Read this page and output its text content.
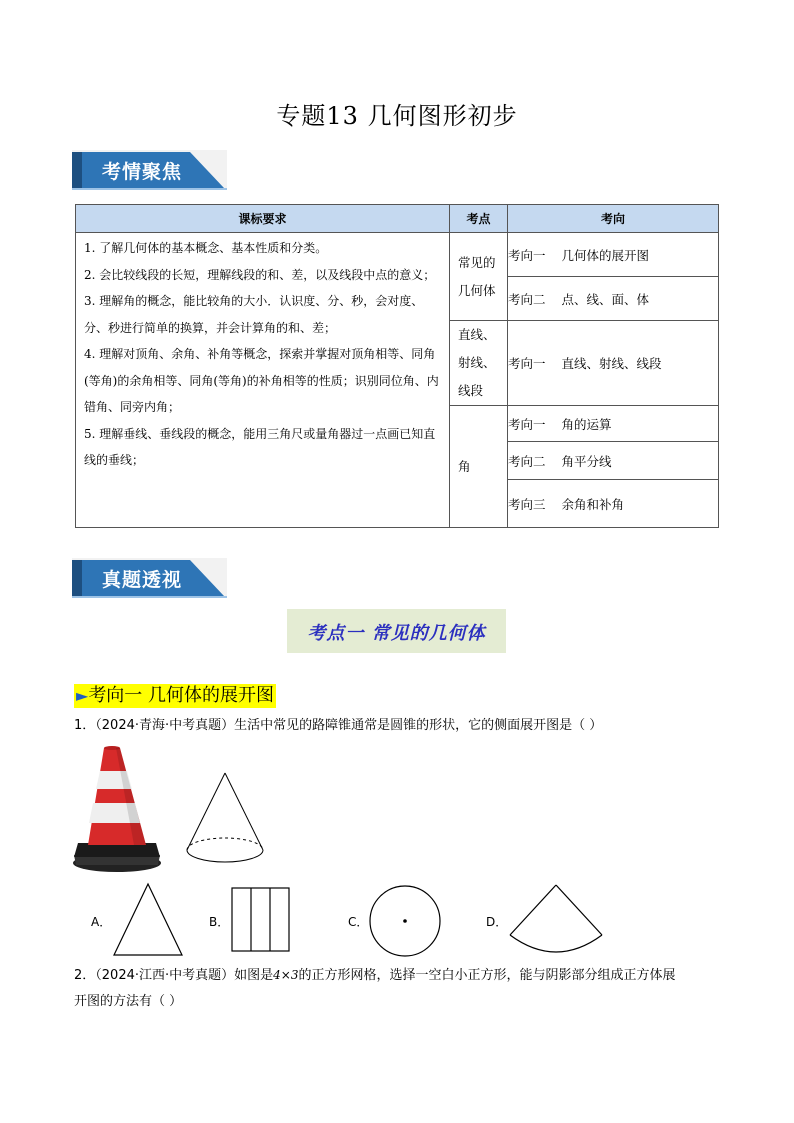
专题13 几何图形初步
考情聚焦
课标要求	考点	考向

1. 了解几何体的基本概念、基本性质和分类。
2. 会比较线段的长短，理解线段的和、差，以及线段中点的意义；
3. 理解角的概念，能比较角的大小．认识度、分、秒，会对度、分、秒进行简单的换算，并会计算角的和、差；
4. 理解对顶角、余角、补角等概念，探索并掌握对顶角相等、同角(等角)的余角相等、同角(等角)的补角相等的性质；识别同位角、内错角、同旁内角；
5. 理解垂线、垂线段的概念，能用三角尺或量角器过一点画已知直线的垂线；	常见的几何体	考向一 几何体的展开图
		考向二 点、线、面、体

	直线、射线、线段	考向一 直线、射线、线段

	角	考向一 角的运算
		考向二 角平分线
		考向三 余角和补角
真题透视
考点一 常见的几何体
►考向一 几何体的展开图
1．（2024·青海·中考真题）生活中常见的路障锥通常是圆锥的形状，它的侧面展开图是（ ）
A．	B．	C．	D．
2．（2024·江西·中考真题）如图是4×3的正方形网格，选择一空白小正方形，能与阴影部分组成正方体展
开图的方法有（ ）
